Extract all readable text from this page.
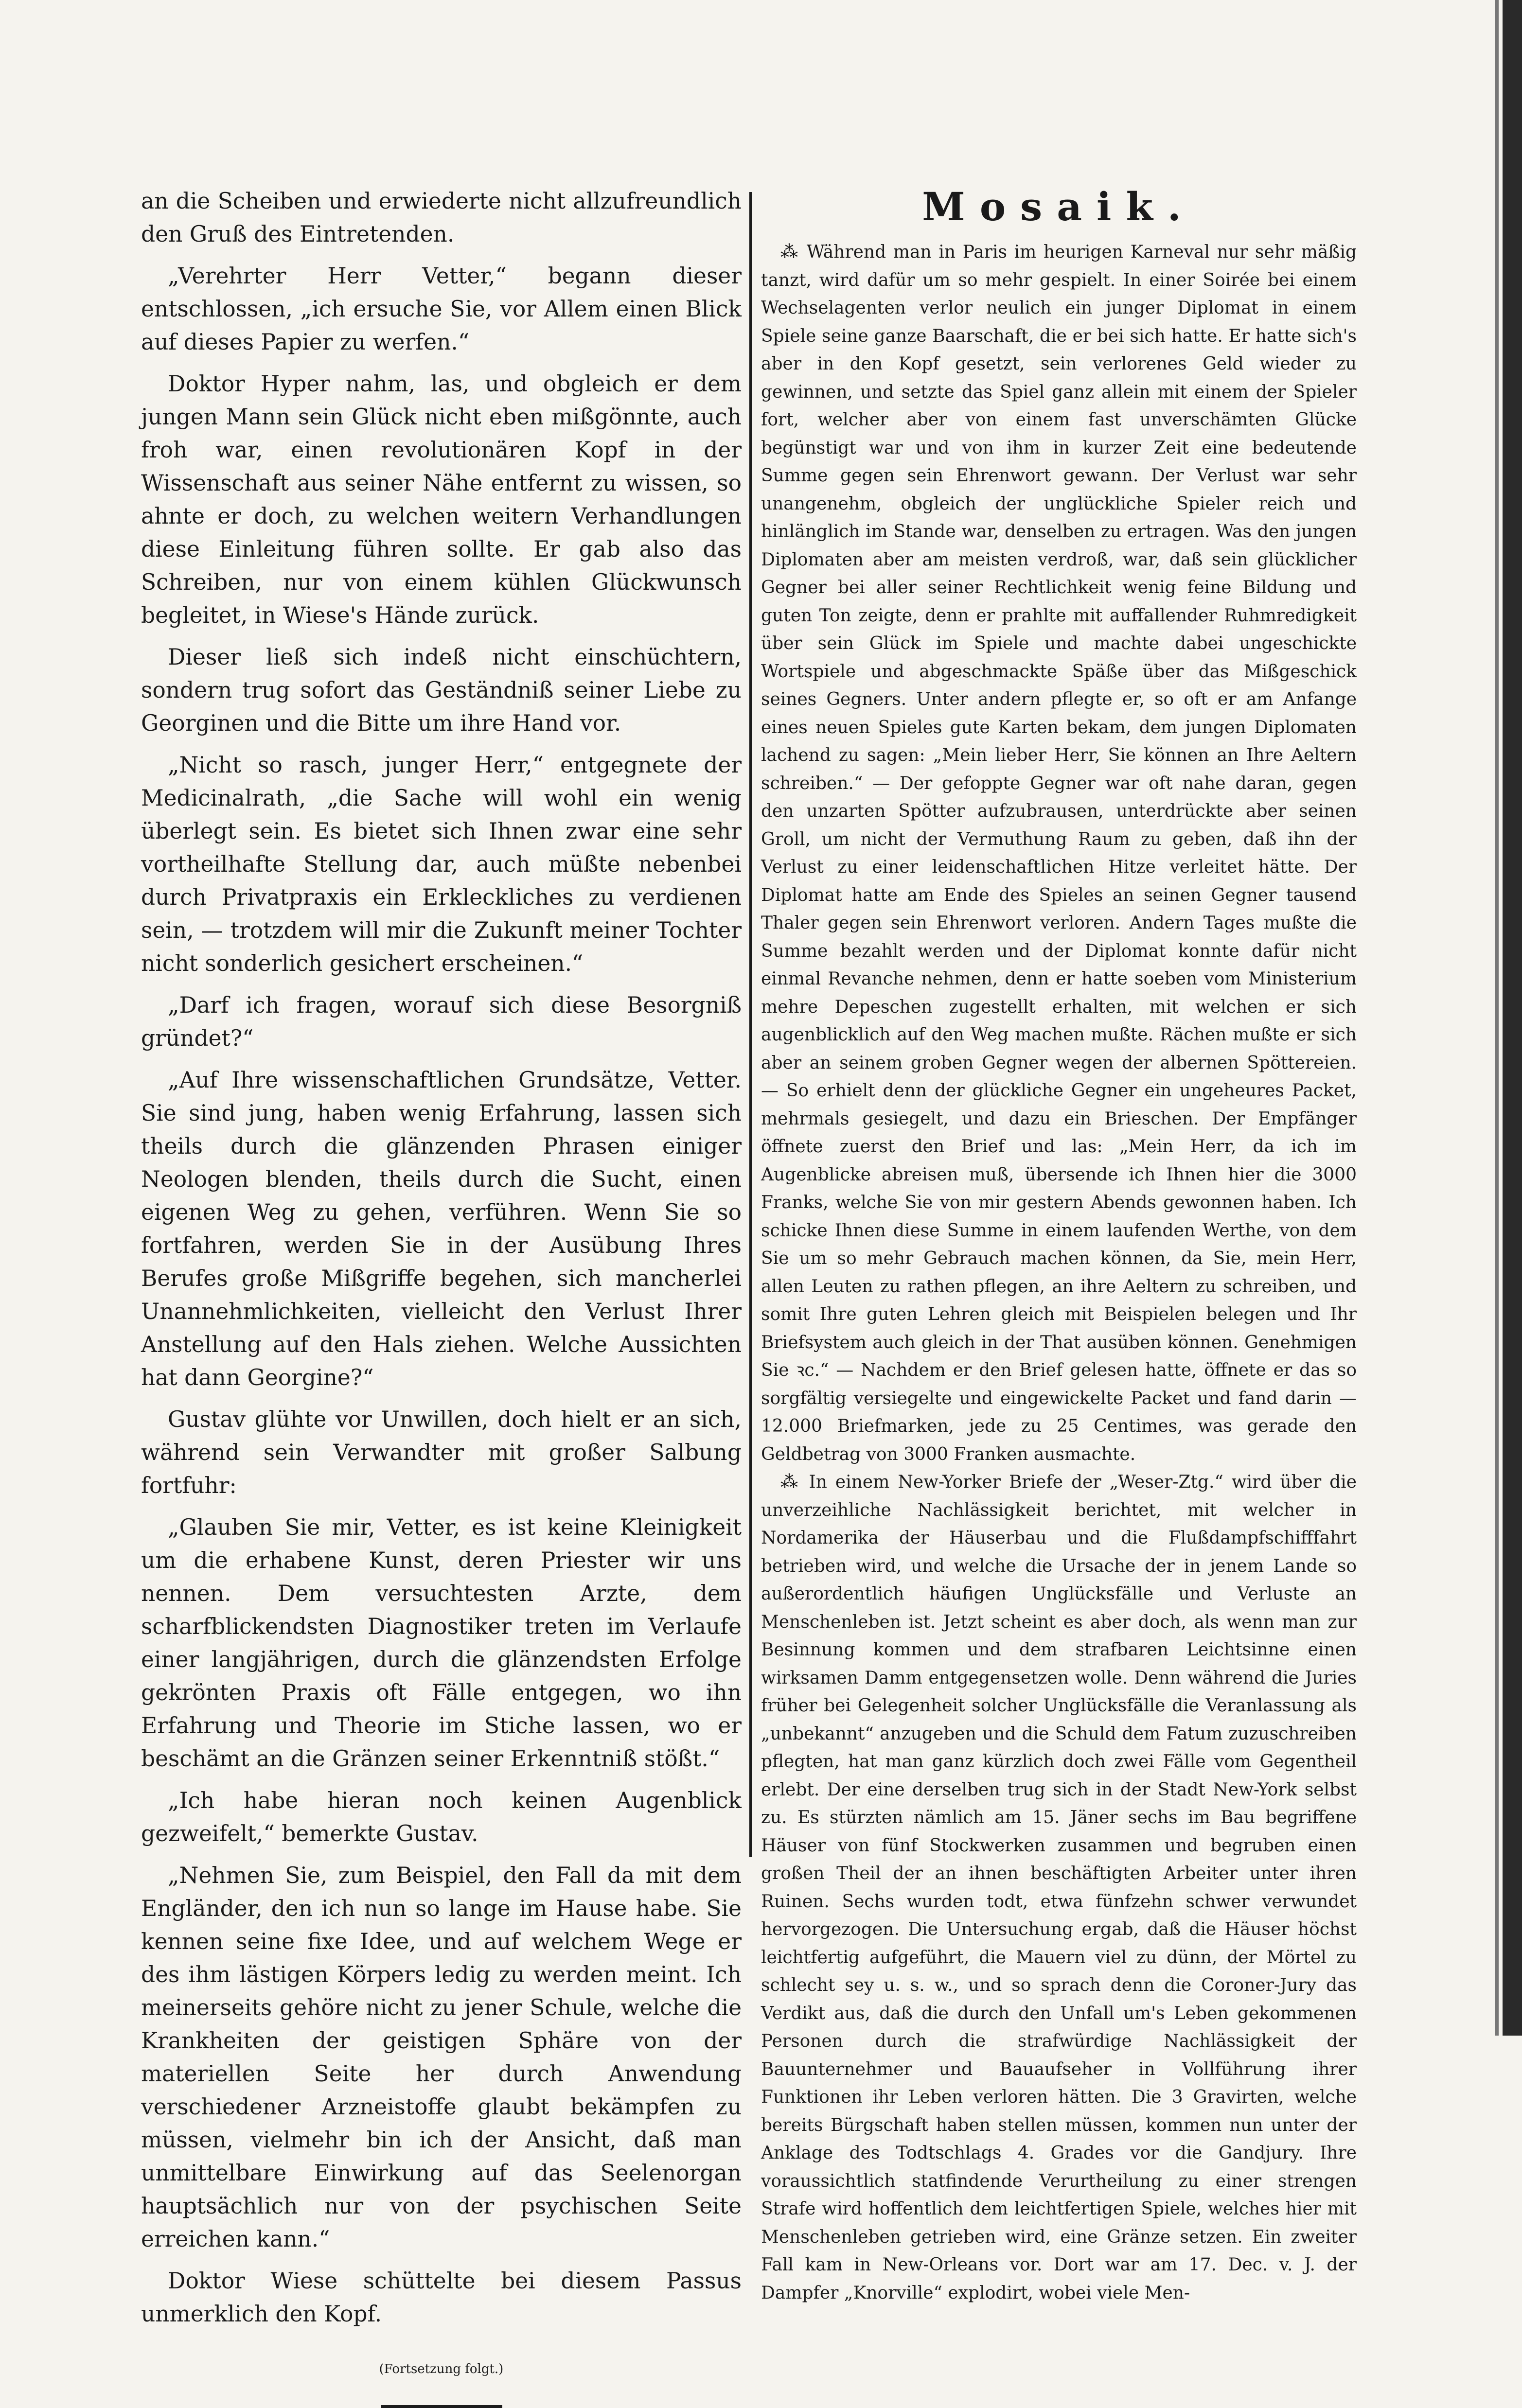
an die Scheiben und erwiederte nicht allzufreundlich den Gruß des Eintretenden.

„Verehrter Herr Vetter,“ begann dieser entschlossen, „ich ersuche Sie, vor Allem einen Blick auf dieses Papier zu werfen.“

Doktor Hyper nahm, las, und obgleich er dem jungen Mann sein Glück nicht eben mißgönnte, auch froh war, einen revolutionären Kopf in der Wissenschaft aus seiner Nähe entfernt zu wissen, so ahnte er doch, zu welchen weitern Verhandlungen diese Einleitung führen sollte. Er gab also das Schreiben, nur von einem kühlen Glückwunsch begleitet, in Wiese's Hände zurück.

Dieser ließ sich indeß nicht einschüchtern, sondern trug sofort das Geständniß seiner Liebe zu Georginen und die Bitte um ihre Hand vor.

„Nicht so rasch, junger Herr,“ entgegnete der Medicinalrath, „die Sache will wohl ein wenig überlegt sein. Es bietet sich Ihnen zwar eine sehr vortheilhafte Stellung dar, auch müßte nebenbei durch Privatpraxis ein Erkleckliches zu verdienen sein, — trotzdem will mir die Zukunft meiner Tochter nicht sonderlich gesichert erscheinen.“

„Darf ich fragen, worauf sich diese Besorgniß gründet?“

„Auf Ihre wissenschaftlichen Grundsätze, Vetter. Sie sind jung, haben wenig Erfahrung, lassen sich theils durch die glänzenden Phrasen einiger Neologen blenden, theils durch die Sucht, einen eigenen Weg zu gehen, verführen. Wenn Sie so fortfahren, werden Sie in der Ausübung Ihres Berufes große Mißgriffe begehen, sich mancherlei Unannehmlichkeiten, vielleicht den Verlust Ihrer Anstellung auf den Hals ziehen. Welche Aussichten hat dann Georgine?“

Gustav glühte vor Unwillen, doch hielt er an sich, während sein Verwandter mit großer Salbung fortfuhr:

„Glauben Sie mir, Vetter, es ist keine Kleinigkeit um die erhabene Kunst, deren Priester wir uns nennen. Dem versuchtesten Arzte, dem scharfblickendsten Diagnostiker treten im Verlaufe einer langjährigen, durch die glänzendsten Erfolge gekrönten Praxis oft Fälle entgegen, wo ihn Erfahrung und Theorie im Stiche lassen, wo er beschämt an die Gränzen seiner Erkenntniß stößt.“

„Ich habe hieran noch keinen Augenblick gezweifelt,“ bemerkte Gustav.

„Nehmen Sie, zum Beispiel, den Fall da mit dem Engländer, den ich nun so lange im Hause habe. Sie kennen seine fixe Idee, und auf welchem Wege er des ihm lästigen Körpers ledig zu werden meint. Ich meinerseits gehöre nicht zu jener Schule, welche die Krankheiten der geistigen Sphäre von der materiellen Seite her durch Anwendung verschiedener Arzneistoffe glaubt bekämpfen zu müssen, vielmehr bin ich der Ansicht, daß man unmittelbare Einwirkung auf das Seelenorgan hauptsächlich nur von der psychischen Seite erreichen kann.“

Doktor Wiese schüttelte bei diesem Passus unmerklich den Kopf.

(Fortsetzung folgt.)
Mosaik.

⁂ Während man in Paris im heurigen Karneval nur sehr mäßig tanzt, wird dafür um so mehr gespielt. In einer Soirée bei einem Wechselagenten verlor neulich ein junger Diplomat in einem Spiele seine ganze Baarschaft, die er bei sich hatte. Er hatte sich's aber in den Kopf gesetzt, sein verlorenes Geld wieder zu gewinnen, und setzte das Spiel ganz allein mit einem der Spieler fort, welcher aber von einem fast unverschämten Glücke begünstigt war und von ihm in kurzer Zeit eine bedeutende Summe gegen sein Ehrenwort gewann. Der Verlust war sehr unangenehm, obgleich der unglückliche Spieler reich und hinlänglich im Stande war, denselben zu ertragen. Was den jungen Diplomaten aber am meisten verdroß, war, daß sein glücklicher Gegner bei aller seiner Rechtlichkeit wenig feine Bildung und guten Ton zeigte, denn er prahlte mit auffallender Ruhmredigkeit über sein Glück im Spiele und machte dabei ungeschickte Wortspiele und abgeschmackte Späße über das Mißgeschick seines Gegners. Unter andern pflegte er, so oft er am Anfange eines neuen Spieles gute Karten bekam, dem jungen Diplomaten lachend zu sagen: „Mein lieber Herr, Sie können an Ihre Aeltern schreiben.“ — Der gefoppte Gegner war oft nahe daran, gegen den unzarten Spötter aufzubrausen, unterdrückte aber seinen Groll, um nicht der Vermuthung Raum zu geben, daß ihn der Verlust zu einer leidenschaftlichen Hitze verleitet hätte. Der Diplomat hatte am Ende des Spieles an seinen Gegner tausend Thaler gegen sein Ehrenwort verloren. Andern Tages mußte die Summe bezahlt werden und der Diplomat konnte dafür nicht einmal Revanche nehmen, denn er hatte soeben vom Ministerium mehre Depeschen zugestellt erhalten, mit welchen er sich augenblicklich auf den Weg machen mußte. Rächen mußte er sich aber an seinem groben Gegner wegen der albernen Spöttereien. — So erhielt denn der glückliche Gegner ein ungeheures Packet, mehrmals gesiegelt, und dazu ein Brieschen. Der Empfänger öffnete zuerst den Brief und las: „Mein Herr, da ich im Augenblicke abreisen muß, übersende ich Ihnen hier die 3000 Franks, welche Sie von mir gestern Abends gewonnen haben. Ich schicke Ihnen diese Summe in einem laufenden Werthe, von dem Sie um so mehr Gebrauch machen können, da Sie, mein Herr, allen Leuten zu rathen pflegen, an ihre Aeltern zu schreiben, und somit Ihre guten Lehren gleich mit Beispielen belegen und Ihr Briefsystem auch gleich in der That ausüben können. Genehmigen Sie ꝛc.“ — Nachdem er den Brief gelesen hatte, öffnete er das so sorgfältig versiegelte und eingewickelte Packet und fand darin — 12.000 Briefmarken, jede zu 25 Centimes, was gerade den Geldbetrag von 3000 Franken ausmachte.

⁂ In einem New-Yorker Briefe der „Weser-Ztg.“ wird über die unverzeihliche Nachlässigkeit berichtet, mit welcher in Nordamerika der Häuserbau und die Flußdampfschifffahrt betrieben wird, und welche die Ursache der in jenem Lande so außerordentlich häufigen Unglücksfälle und Verluste an Menschenleben ist. Jetzt scheint es aber doch, als wenn man zur Besinnung kommen und dem strafbaren Leichtsinne einen wirksamen Damm entgegensetzen wolle. Denn während die Juries früher bei Gelegenheit solcher Unglücksfälle die Veranlassung als „unbekannt“ anzugeben und die Schuld dem Fatum zuzuschreiben pflegten, hat man ganz kürzlich doch zwei Fälle vom Gegentheil erlebt. Der eine derselben trug sich in der Stadt New-York selbst zu. Es stürzten nämlich am 15. Jäner sechs im Bau begriffene Häuser von fünf Stockwerken zusammen und begruben einen großen Theil der an ihnen beschäftigten Arbeiter unter ihren Ruinen. Sechs wurden todt, etwa fünfzehn schwer verwundet hervorgezogen. Die Untersuchung ergab, daß die Häuser höchst leichtfertig aufgeführt, die Mauern viel zu dünn, der Mörtel zu schlecht sey u. s. w., und so sprach denn die Coroner-Jury das Verdikt aus, daß die durch den Unfall um's Leben gekommenen Personen durch die strafwürdige Nachlässigkeit der Bauunternehmer und Bauaufseher in Vollführung ihrer Funktionen ihr Leben verloren hätten. Die 3 Gravirten, welche bereits Bürgschaft haben stellen müssen, kommen nun unter der Anklage des Todtschlags 4. Grades vor die Gandjury. Ihre voraussichtlich statfindende Verurtheilung zu einer strengen Strafe wird hoffentlich dem leichtfertigen Spiele, welches hier mit Menschenleben getrieben wird, eine Gränze setzen. Ein zweiter Fall kam in New-Orleans vor. Dort war am 17. Dec. v. J. der Dampfer „Knorville“ explodirt, wobei viele Men-
